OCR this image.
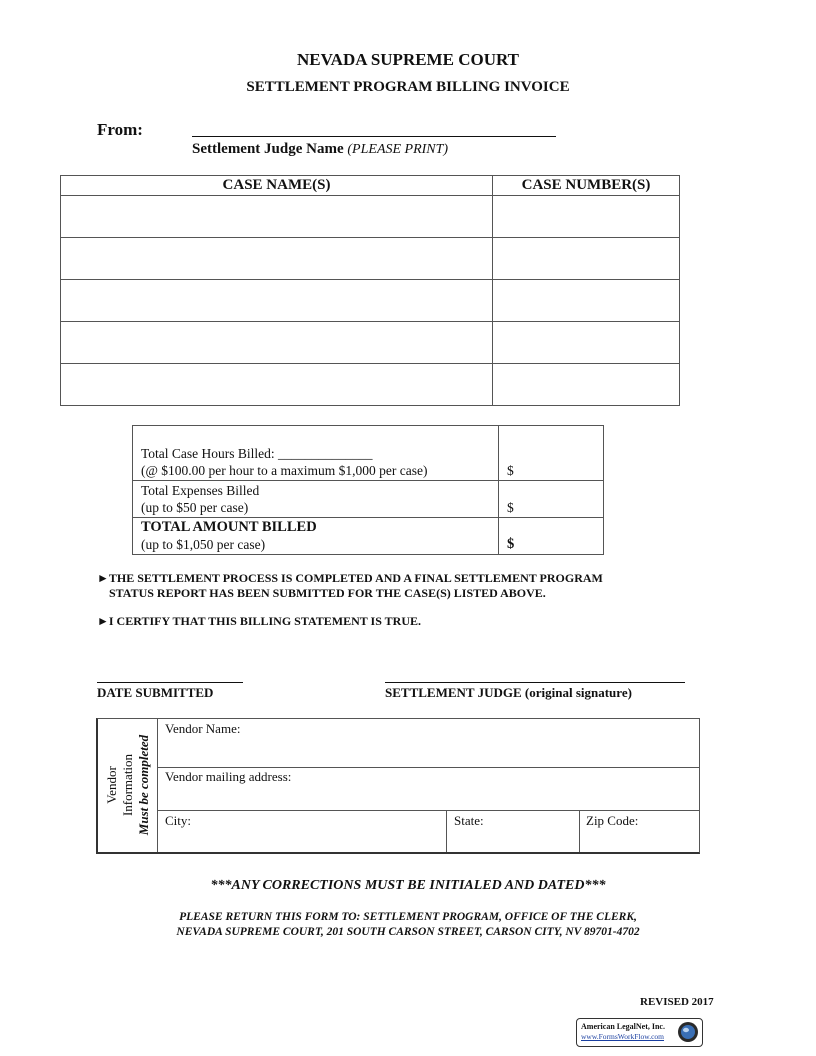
NEVADA SUPREME COURT
SETTLEMENT PROGRAM BILLING INVOICE
From:
Settlement Judge Name (PLEASE PRINT)
CASE NAME(S)	CASE NUMBER(S)

Total Case Hours Billed: ______________
(@ $100.00 per hour to a maximum $1,000 per case)	$

Total Expenses Billed
(up to $50 per case)	$

TOTAL AMOUNT BILLED
(up to $1,050 per case)	$
►THE SETTLEMENT PROCESS IS COMPLETED AND A FINAL SETTLEMENT PROGRAM
STATUS REPORT HAS BEEN SUBMITTED FOR THE CASE(S) LISTED ABOVE.
►I CERTIFY THAT THIS BILLING STATEMENT IS TRUE.
DATE SUBMITTED	SETTLEMENT JUDGE (original signature)
Vendor Information Must be completed
Vendor Name:
Vendor mailing address:
City:	State:	Zip Code:
***ANY CORRECTIONS MUST BE INITIALED AND DATED***
PLEASE RETURN THIS FORM TO: SETTLEMENT PROGRAM, OFFICE OF THE CLERK,
NEVADA SUPREME COURT, 201 SOUTH CARSON STREET, CARSON CITY, NV 89701-4702
REVISED 2017
American LegalNet, Inc.
www.FormsWorkFlow.com
